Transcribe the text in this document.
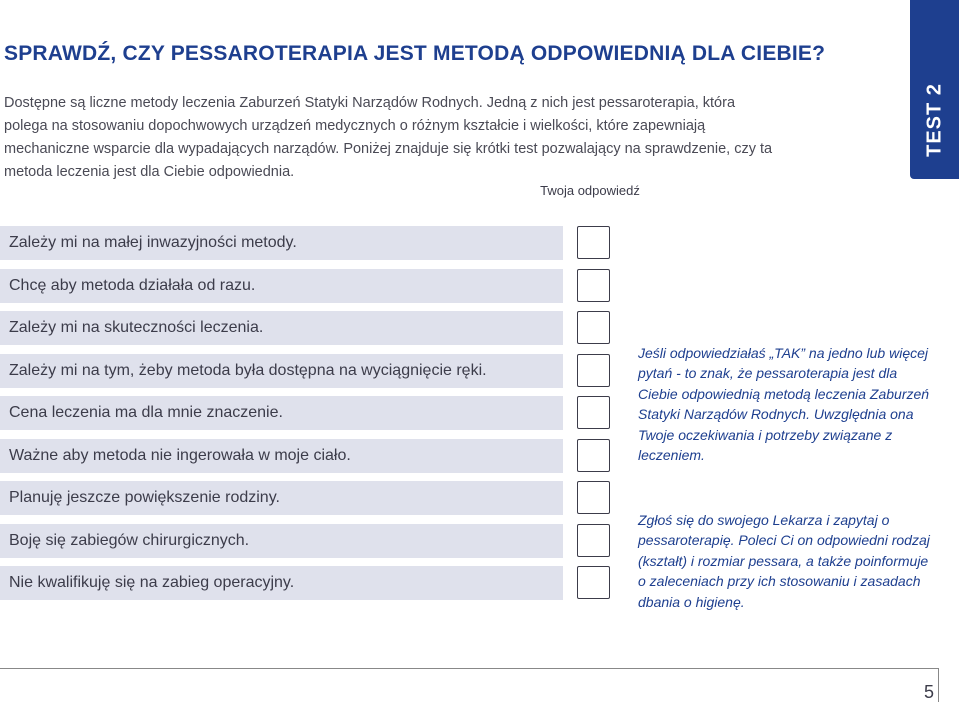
SPRAWDŹ, CZY PESSAROTERAPIA JEST METODĄ ODPOWIEDNIĄ DLA CIEBIE?

Dostępne są liczne metody leczenia Zaburzeń Statyki Narządów Rodnych. Jedną z nich jest pessaroterapia, która polega na stosowaniu dopochwowych urządzeń medycznych o różnym kształcie i wielkości, które zapewniają mechaniczne wsparcie dla wypadających narządów. Poniżej znajduje się krótki test pozwalający na sprawdzenie, czy ta metoda leczenia jest dla Ciebie odpowiednia.

TEST 2
Twoja odpowiedź
Zależy mi na małej inwazyjności metody.
Chcę aby metoda działała od razu.
Zależy mi na skuteczności leczenia.
Zależy mi na tym, żeby metoda była dostępna na wyciągnięcie ręki.
Cena leczenia ma dla mnie znaczenie.
Ważne aby metoda nie ingerowała w moje ciało.
Planuję jeszcze powiększenie rodziny.
Boję się zabiegów chirurgicznych.
Nie kwalifikuję się na zabieg operacyjny.

Jeśli odpowiedziałaś „TAK” na jedno lub więcej pytań - to znak, że pessaroterapia jest dla Ciebie odpowiednią metodą leczenia Zaburzeń Statyki Narządów Rodnych. Uwzględnia ona Twoje oczekiwania i potrzeby związane z leczeniem.

Zgłoś się do swojego Lekarza i zapytaj o pessaroterapię. Poleci Ci on odpowiedni rodzaj (kształt) i rozmiar pessara, a także poinformuje o zaleceniach przy ich stosowaniu i zasadach dbania o higienę.

5
